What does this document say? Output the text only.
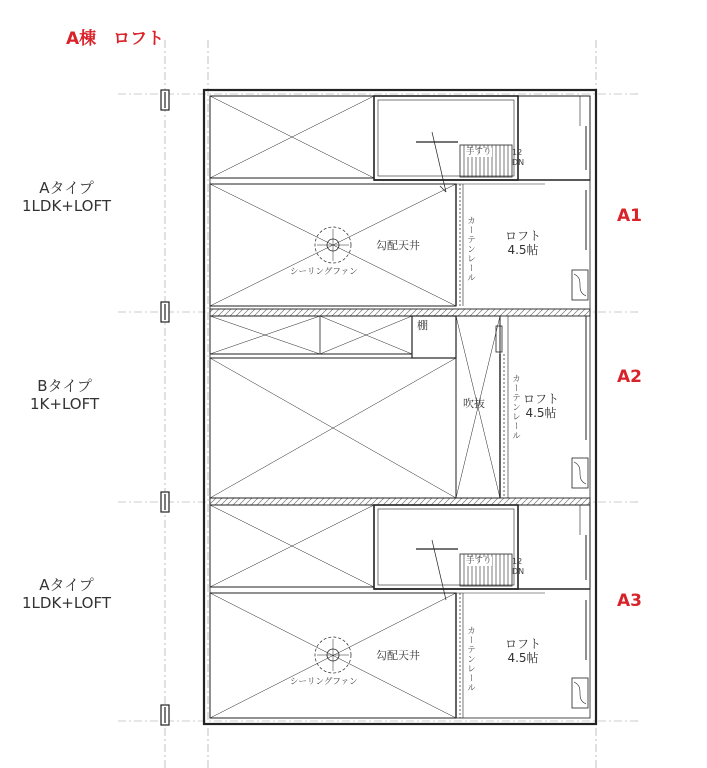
A棟　ロフト
Aタイプ
1LDK+LOFT
Bタイプ
1K+LOFT
Aタイプ
1LDK+LOFT
A1
A2
A3
勾配天井
シーリングファン	カーテンレール ロフト
4.5帖
手すり	12
DN
棚
吹抜	カーテンレール ロフト
4.5帖
手すり	12
DN
勾配天井
シーリングファン	カーテンレール ロフト
4.5帖
